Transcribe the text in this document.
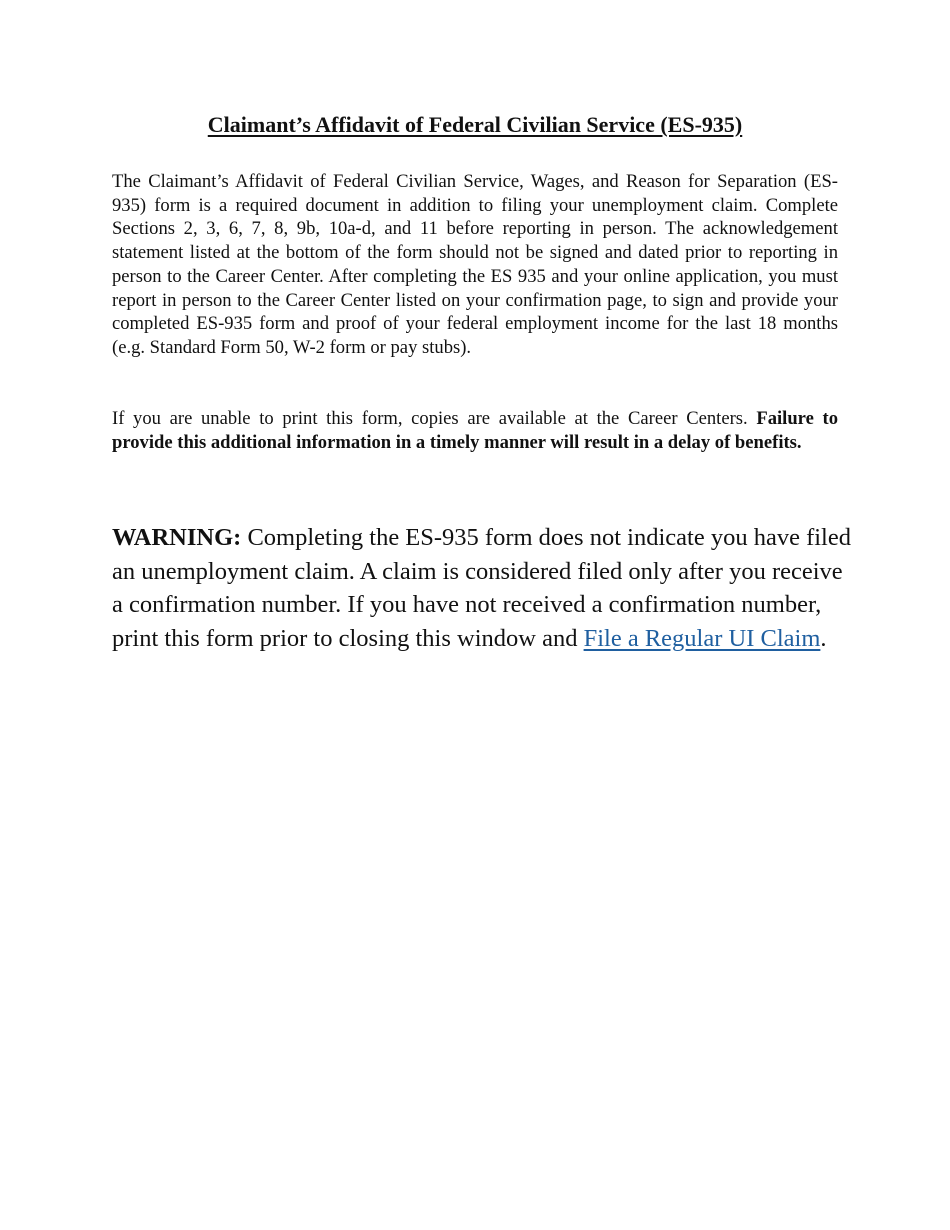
Claimant’s Affidavit of Federal Civilian Service (ES-935)

The Claimant’s Affidavit of Federal Civilian Service, Wages, and Reason for Separation (ES-935) form is a required document in addition to filing your unemployment claim. Complete Sections 2, 3, 6, 7, 8, 9b, 10a-d, and 11 before reporting in person. The acknowledgement statement listed at the bottom of the form should not be signed and dated prior to reporting in person to the Career Center. After completing the ES 935 and your online application, you must report in person to the Career Center listed on your confirmation page, to sign and provide your completed ES-935 form and proof of your federal employment income for the last 18 months (e.g. Standard Form 50, W-2 form or pay stubs).

If you are unable to print this form, copies are available at the Career Centers. Failure to provide this additional information in a timely manner will result in a delay of benefits.

WARNING: Completing the ES-935 form does not indicate you have filed an unemployment claim. A claim is considered filed only after you receive a confirmation number. If you have not received a confirmation number, print this form prior to closing this window and File a Regular UI Claim.
